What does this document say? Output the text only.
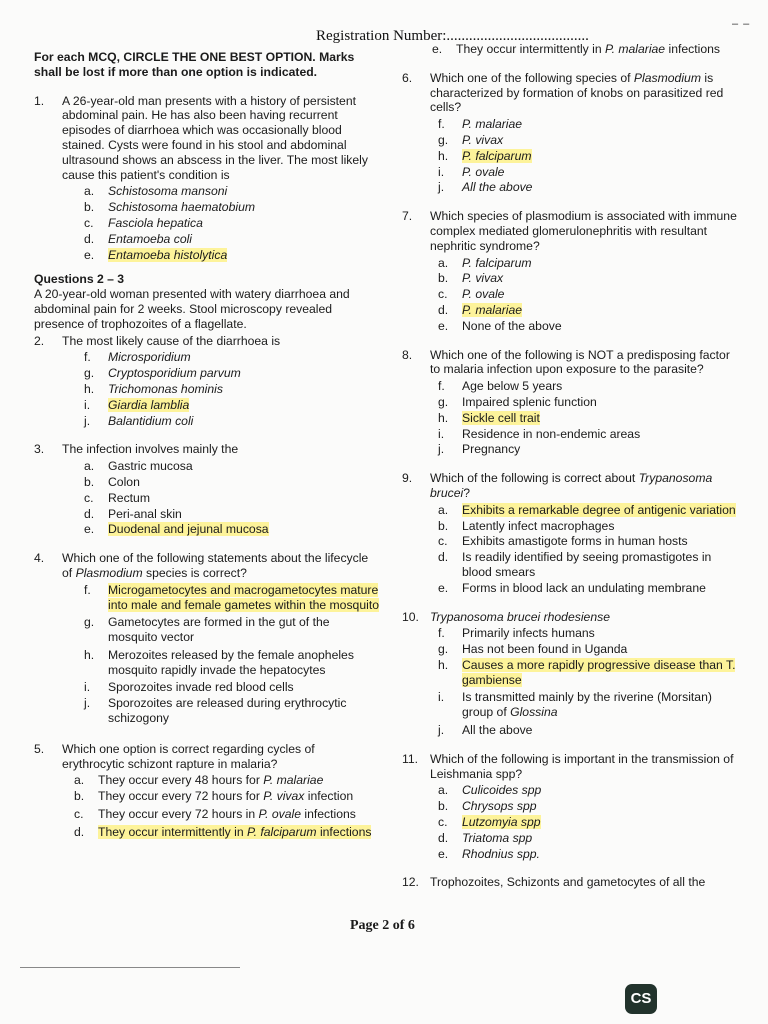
Registration Number:......................................
– –
For each MCQ, CIRCLE THE ONE BEST OPTION. Marks shall be lost if more than one option is indicated.
1.	A 26-year-old man presents with a history of persistent abdominal pain. He has also been having recurrent episodes of diarrhoea which was occasionally blood stained. Cysts were found in his stool and abdominal ultrasound shows an abscess in the liver. The most likely cause this patient's condition is
a.	Schistosoma mansoni
b.	Schistosoma haematobium
c.	Fasciola hepatica
d.	Entamoeba coli
e.	Entamoeba histolytica
Questions 2 – 3
A 20-year-old woman presented with watery diarrhoea and abdominal pain for 2 weeks. Stool microscopy revealed presence of trophozoites of a flagellate.
2.	The most likely cause of the diarrhoea is
f.	Microsporidium
g.	Cryptosporidium parvum
h.	Trichomonas hominis
i.	Giardia lamblia
j.	Balantidium coli
3.	The infection involves mainly the
a.	Gastric mucosa
b.	Colon
c.	Rectum
d.	Peri-anal skin
e.	Duodenal and jejunal mucosa
4.	Which one of the following statements about the lifecycle of Plasmodium species is correct?
f.	Microgametocytes and macrogametocytes mature into male and female gametes within the mosquito
g.	Gametocytes are formed in the gut of the mosquito vector
h.	Merozoites released by the female anopheles mosquito rapidly invade the hepatocytes
i.	Sporozoites invade red blood cells
j.	Sporozoites are released during erythrocytic schizogony
5.	Which one option is correct regarding cycles of erythrocytic schizont rapture in malaria?
a.	They occur every 48 hours for P. malariae
b.	They occur every 72 hours for P. vivax infection
c.	They occur every 72 hours in P. ovale infections
d.	They occur intermittently in P. falciparum infections
e.	They occur intermittently in P. malariae infections
6.	Which one of the following species of Plasmodium is characterized by formation of knobs on parasitized red cells?
f.	P. malariae
g.	P. vivax
h.	P. falciparum
i.	P. ovale
j.	All the above
7.	Which species of plasmodium is associated with immune complex mediated glomerulonephritis with resultant nephritic syndrome?
a.	P. falciparum
b.	P. vivax
c.	P. ovale
d.	P. malariae
e.	None of the above
8.	Which one of the following is NOT a predisposing factor to malaria infection upon exposure to the parasite?
f.	Age below 5 years
g.	Impaired splenic function
h.	Sickle cell trait
i.	Residence in non-endemic areas
j.	Pregnancy
9.	Which of the following is correct about Trypanosoma brucei?
a.	Exhibits a remarkable degree of antigenic variation
b.	Latently infect macrophages
c.	Exhibits amastigote forms in human hosts
d.	Is readily identified by seeing promastigotes in blood smears
e.	Forms in blood lack an undulating membrane
10. Trypanosoma brucei rhodesiense
f.	Primarily infects humans
g.	Has not been found in Uganda
h.	Causes a more rapidly progressive disease than T. gambiense
i.	Is transmitted mainly by the riverine (Morsitan) group of Glossina
j.	All the above
11. Which of the following is important in the transmission of Leishmania spp?
a.	Culicoides spp
b.	Chrysops spp
c.	Lutzomyia spp
d.	Triatoma spp
e.	Rhodnius spp.
12. Trophozoites, Schizonts and gametocytes of all the
Page 2 of 6
CS
